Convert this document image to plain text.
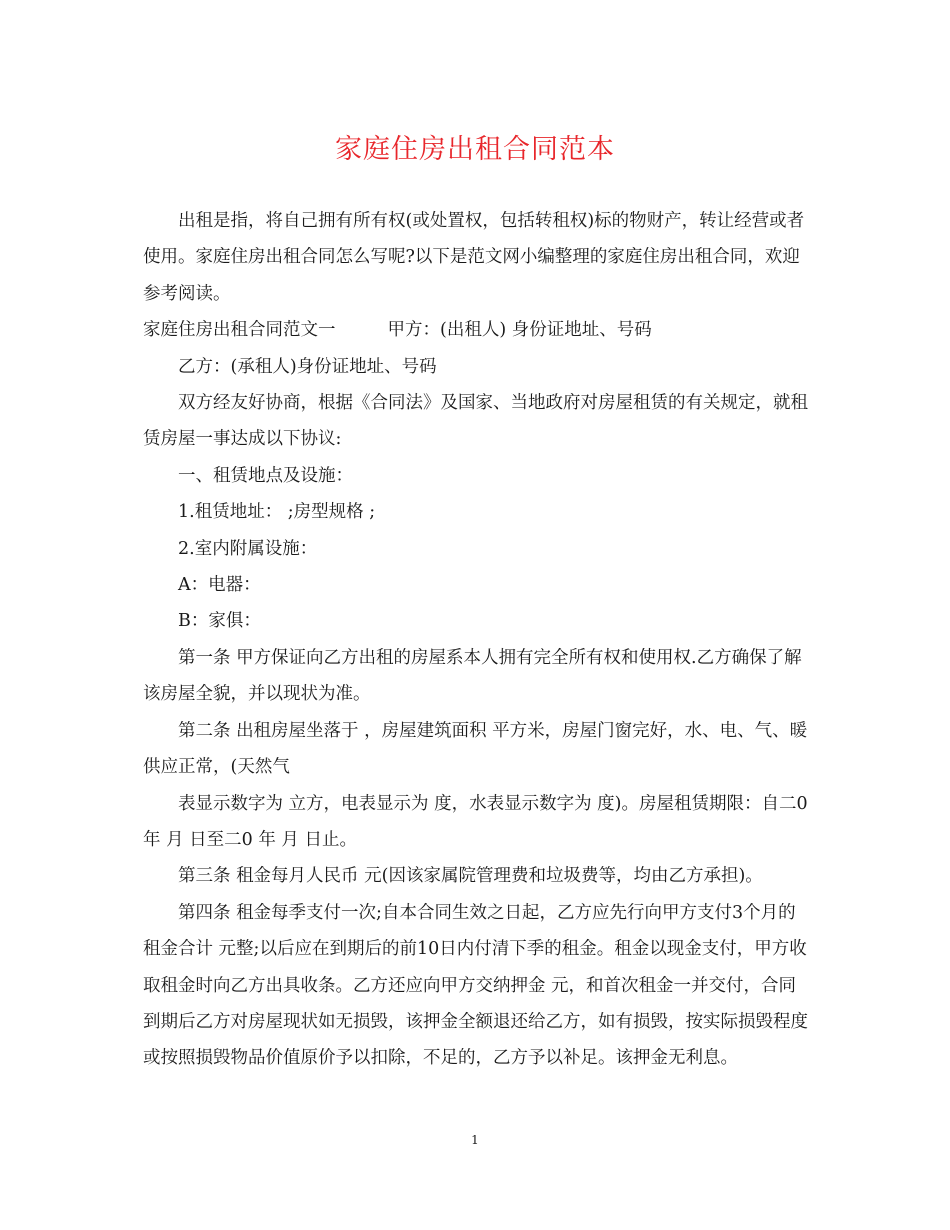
家庭住房出租合同范本

出租是指，将自己拥有所有权(或处置权，包括转租权)标的物财产，转让经营或者使用。家庭住房出租合同怎么写呢?以下是范文网小编整理的家庭住房出租合同，欢迎参考阅读。

家庭住房出租合同范文一	甲方：(出租人) 身份证地址、号码

乙方：(承租人)身份证地址、号码

双方经友好协商，根据《合同法》及国家、当地政府对房屋租赁的有关规定，就租赁房屋一事达成以下协议:

一、租赁地点及设施：

1.租赁地址： ;房型规格 ;

2.室内附属设施：

A：电器：

B：家俱：

第一条 甲方保证向乙方出租的房屋系本人拥有完全所有权和使用权.乙方确保了解该房屋全貌，并以现状为准。

第二条 出租房屋坐落于 ，房屋建筑面积 平方米，房屋门窗完好，水、电、气、暖供应正常，(天然气

表显示数字为 立方，电表显示为 度，水表显示数字为 度)。房屋租赁期限：自二0 年 月 日至二0 年 月 日止。

第三条 租金每月人民币 元(因该家属院管理费和垃圾费等，均由乙方承担)。

第四条 租金每季支付一次;自本合同生效之日起，乙方应先行向甲方支付3个月的租金合计 元整;以后应在到期后的前10日内付清下季的租金。租金以现金支付，甲方收取租金时向乙方出具收条。乙方还应向甲方交纳押金 元，和首次租金一并交付，合同到期后乙方对房屋现状如无损毁，该押金全额退还给乙方，如有损毁，按实际损毁程度或按照损毁物品价值原价予以扣除，不足的，乙方予以补足。该押金无利息。

1
